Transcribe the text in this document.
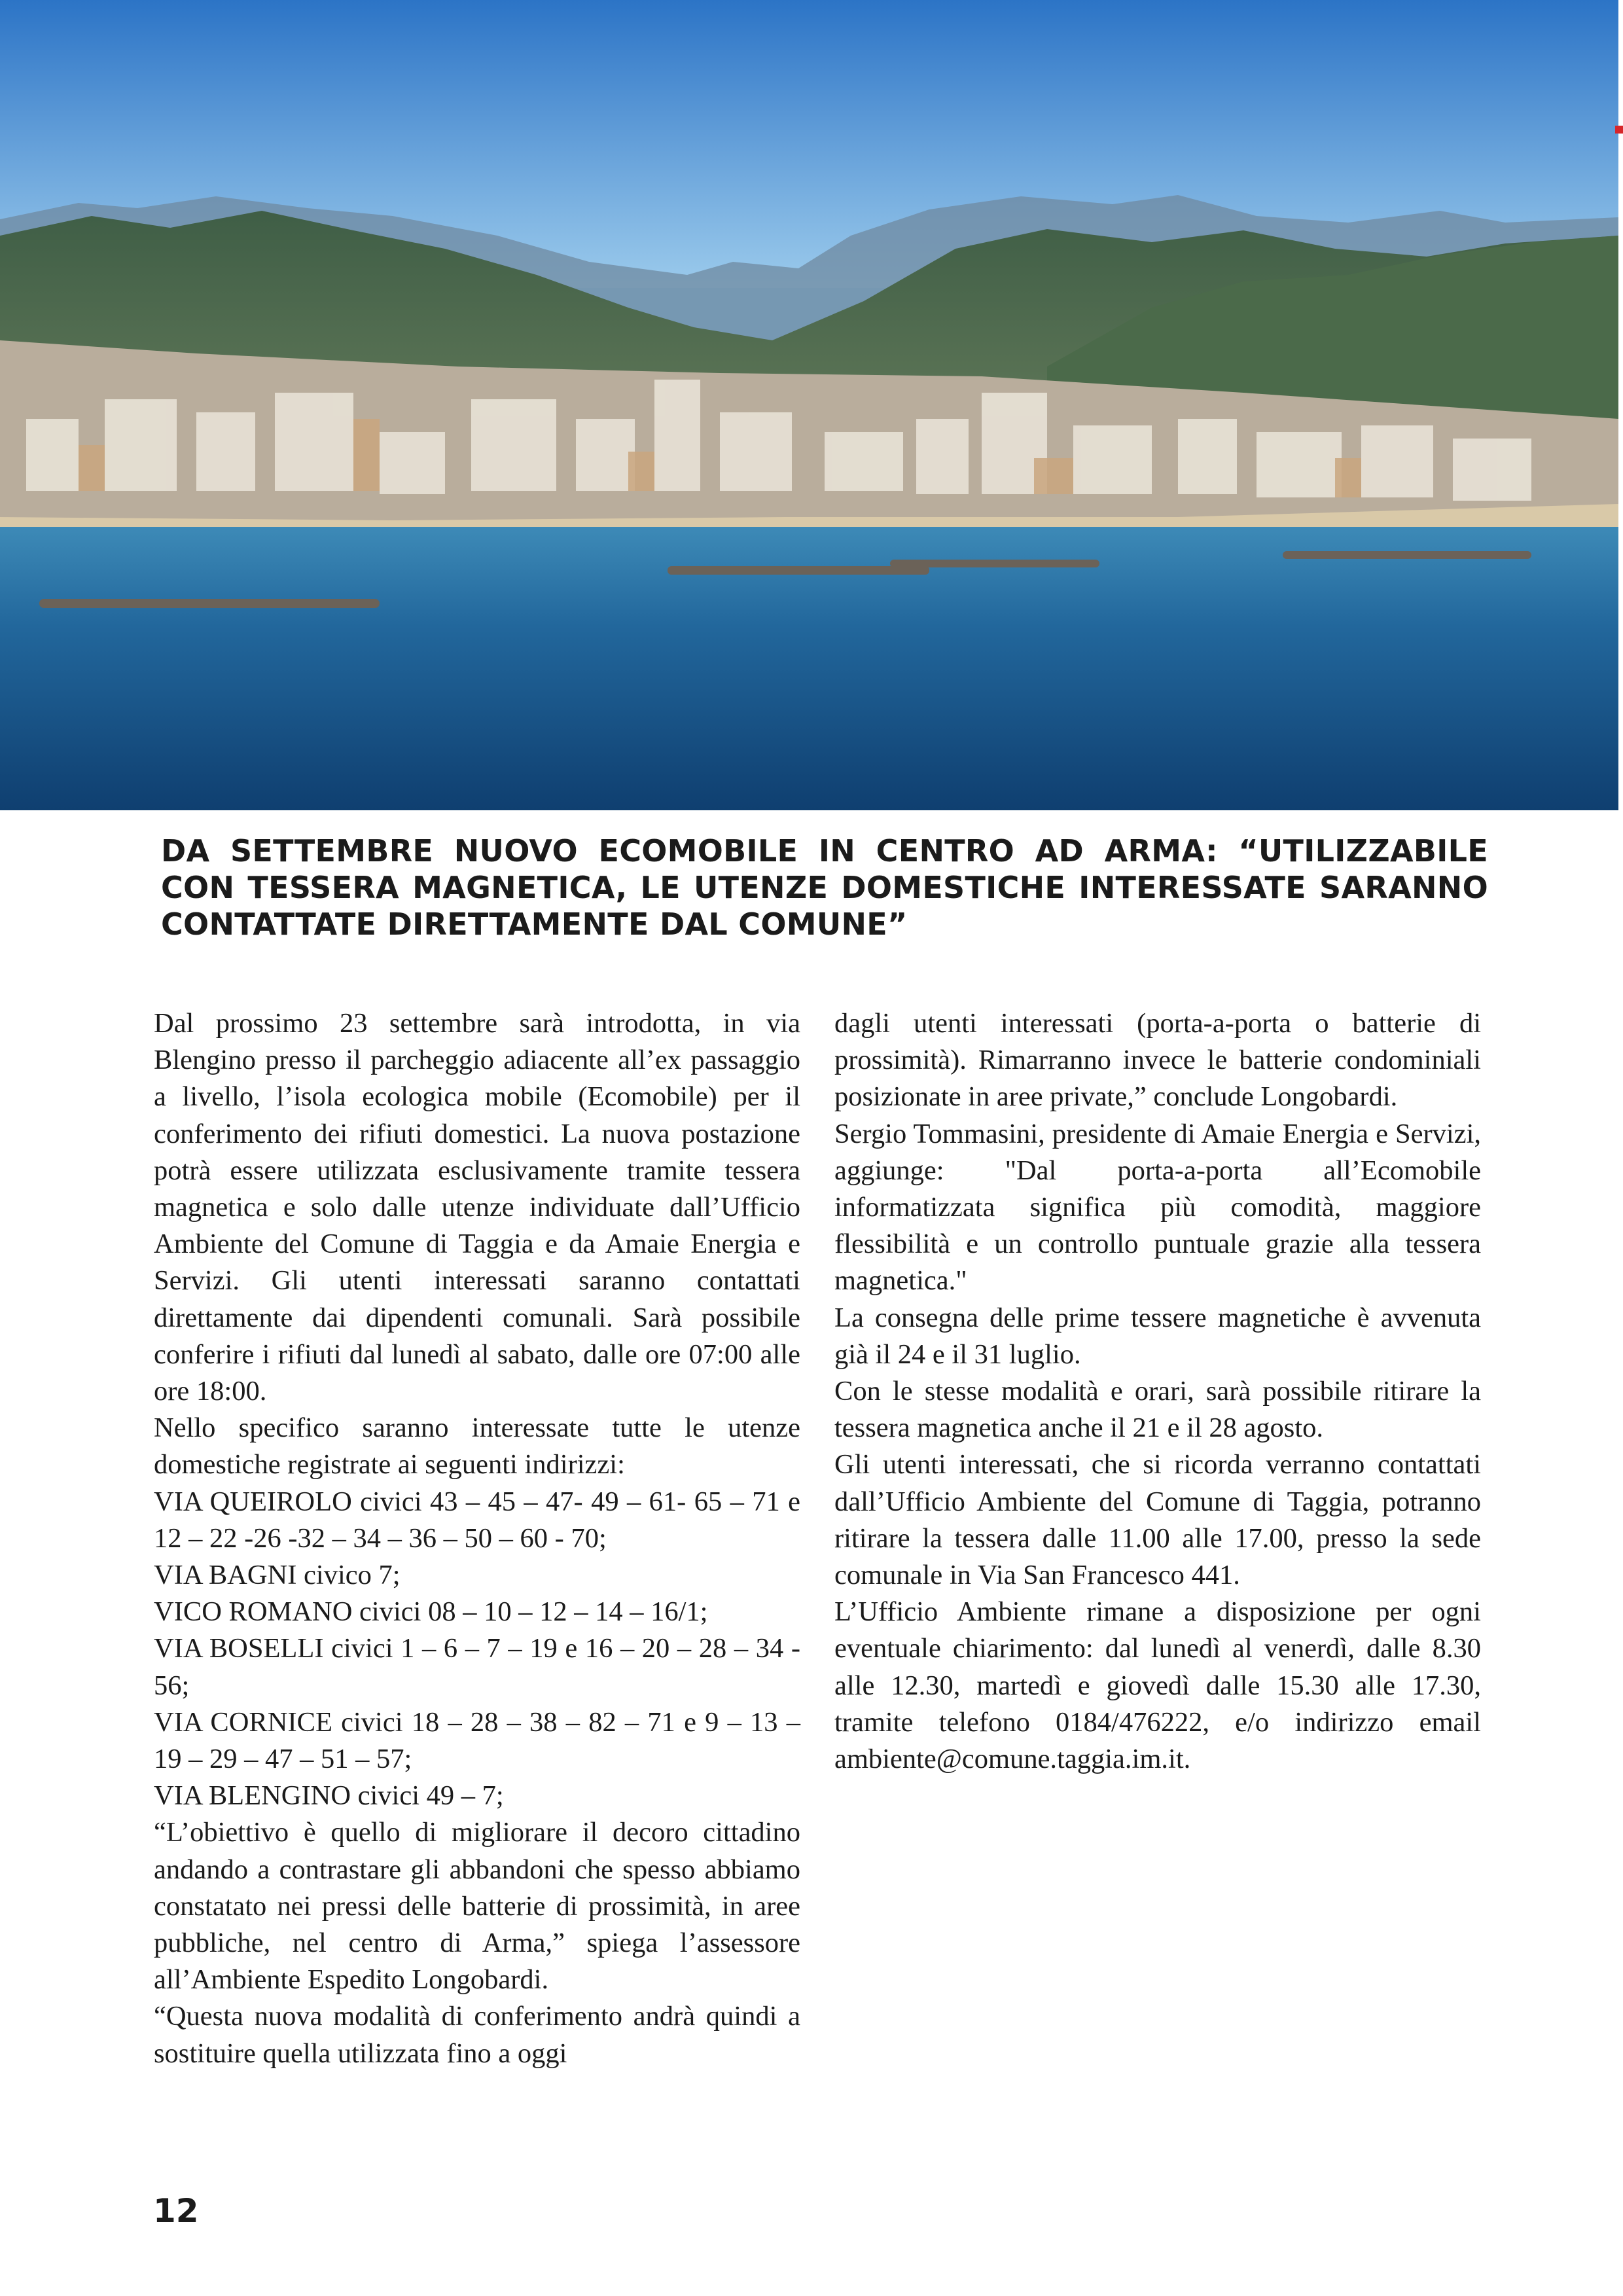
DA SETTEMBRE NUOVO ECOMOBILE IN CENTRO AD ARMA: “UTILIZZABILE CON TESSERA MAGNETICA, LE UTENZE DOMESTICHE INTERESSATE SARANNO CONTATTATE DIRETTAMENTE DAL COMUNE”

Dal prossimo 23 settembre sarà introdotta, in via Blengino presso il parcheggio adiacente all’ex passaggio a livello, l’isola ecologica mobile (Ecomobile) per il conferimento dei rifiuti domestici. La nuova postazione potrà essere utilizzata esclusivamente tramite tessera magnetica e solo dalle utenze individuate dall’Ufficio Ambiente del Comune di Taggia e da Amaie Energia e Servizi. Gli utenti interessati saranno contattati direttamente dai dipendenti comunali. Sarà possibile conferire i rifiuti dal lunedì al sabato, dalle ore 07:00 alle ore 18:00.

Nello specifico saranno interessate tutte le utenze domestiche registrate ai seguenti indirizzi:

VIA QUEIROLO civici 43 – 45 – 47- 49 – 61- 65 – 71 e 12 – 22 -26 -32 – 34 – 36 – 50 – 60 - 70;

VIA BAGNI civico 7;

VICO ROMANO civici 08 – 10 – 12 – 14 – 16/1;

VIA BOSELLI civici 1 – 6 – 7 – 19 e 16 – 20 – 28 – 34 - 56;

VIA CORNICE civici 18 – 28 – 38 – 82 – 71 e 9 – 13 – 19 – 29 – 47 – 51 – 57;

VIA BLENGINO civici 49 – 7;

“L’obiettivo è quello di migliorare il decoro cittadino andando a contrastare gli abbandoni che spesso abbiamo constatato nei pressi delle batterie di prossimità, in aree pubbliche, nel centro di Arma,” spiega l’assessore all’Ambiente Espedito Longobardi.

“Questa nuova modalità di conferimento andrà quindi a sostituire quella utilizzata fino a oggi

dagli utenti interessati (porta-a-porta o batterie di prossimità). Rimarranno invece le batterie condominiali posizionate in aree private,” conclude Longobardi.

Sergio Tommasini, presidente di Amaie Energia e Servizi, aggiunge: "Dal porta-a-porta all’Ecomobile informatizzata significa più comodità, maggiore flessibilità e un controllo puntuale grazie alla tessera magnetica."

La consegna delle prime tessere magnetiche è avvenuta già il 24 e il 31 luglio.

Con le stesse modalità e orari, sarà possibile ritirare la tessera magnetica anche il 21 e il 28 agosto.

Gli utenti interessati, che si ricorda verranno contattati dall’Ufficio Ambiente del Comune di Taggia, potranno ritirare la tessera dalle 11.00 alle 17.00, presso la sede comunale in Via San Francesco 441.

L’Ufficio Ambiente rimane a disposizione per ogni eventuale chiarimento: dal lunedì al venerdì, dalle 8.30 alle 12.30, martedì e giovedì dalle 15.30 alle 17.30, tramite telefono 0184/476222, e/o indirizzo email ambiente@comune.taggia.im.it.

12
